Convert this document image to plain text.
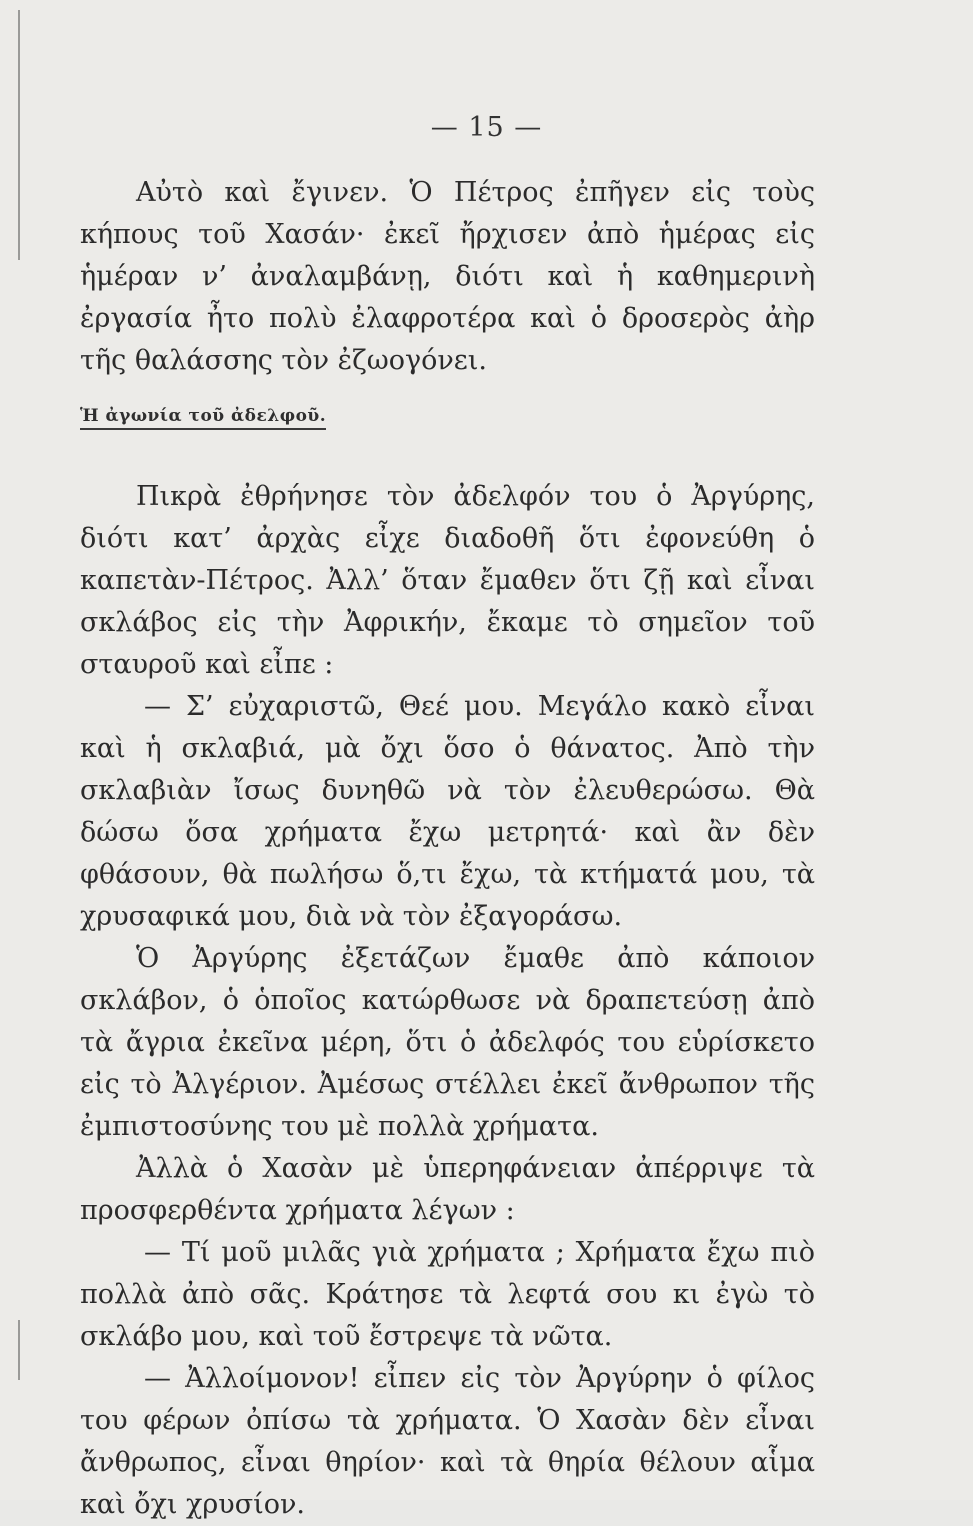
— 15 —

Αὐτὸ καὶ ἔγινεν. Ὁ Πέτρος ἐπῆγεν εἰς τοὺς κήπους τοῦ Χασάν· ἐκεῖ ἤρχισεν ἀπὸ ἡμέρας εἰς ἡμέραν ν’ ἀναλαμβάνῃ, διότι καὶ ἡ καθημερινὴ ἐργασία ἦτο πολὺ ἐλαφροτέρα καὶ ὁ δροσερὸς ἀὴρ τῆς θαλάσσης τὸν ἐζωογόνει.

Ἡ ἀγωνία τοῦ ἀδελφοῦ.

Πικρὰ ἐθρήνησε τὸν ἀδελφόν του ὁ Ἀργύρης, διότι κατ’ ἀρχὰς εἶχε διαδοθῆ ὅτι ἐφονεύθη ὁ καπετὰν-Πέτρος. Ἀλλ’ ὅταν ἔμαθεν ὅτι ζῇ καὶ εἶναι σκλάβος εἰς τὴν Ἀφρικήν, ἔκαμε τὸ σημεῖον τοῦ σταυροῦ καὶ εἶπε :

— Σ’ εὐχαριστῶ, Θεέ μου. Μεγάλο κακὸ εἶναι καὶ ἡ σκλαβιά, μὰ ὄχι ὅσο ὁ θάνατος. Ἀπὸ τὴν σκλαβιὰν ἴσως δυνηθῶ νὰ τὸν ἐλευθερώσω. Θὰ δώσω ὅσα χρήματα ἔχω μετρητά· καὶ ἂν δὲν φθάσουν, θὰ πωλήσω ὅ,τι ἔχω, τὰ κτήματά μου, τὰ χρυσαφικά μου, διὰ νὰ τὸν ἐξαγοράσω.

Ὁ Ἀργύρης ἐξετάζων ἔμαθε ἀπὸ κάποιον σκλάβον, ὁ ὁποῖος κατώρθωσε νὰ δραπετεύσῃ ἀπὸ τὰ ἄγρια ἐκεῖνα μέρη, ὅτι ὁ ἀδελφός του εὑρίσκετο εἰς τὸ Ἀλγέριον. Ἀμέσως στέλλει ἐκεῖ ἄνθρωπον τῆς ἐμπιστοσύνης του μὲ πολλὰ χρήματα.

Ἀλλὰ ὁ Χασὰν μὲ ὑπερηφάνειαν ἀπέρριψε τὰ προσφερθέντα χρήματα λέγων :

— Τί μοῦ μιλᾶς γιὰ χρήματα ; Χρήματα ἔχω πιὸ πολλὰ ἀπὸ σᾶς. Κράτησε τὰ λεφτά σου κι ἐγὼ τὸ σκλάβο μου, καὶ τοῦ ἔστρεψε τὰ νῶτα.

— Ἀλλοίμονον! εἶπεν εἰς τὸν Ἀργύρην ὁ φίλος του φέρων ὀπίσω τὰ χρήματα. Ὁ Χασὰν δὲν εἶναι ἄνθρωπος, εἶναι θηρίον· καὶ τὰ θηρία θέλουν αἷμα καὶ ὄχι χρυσίον.
